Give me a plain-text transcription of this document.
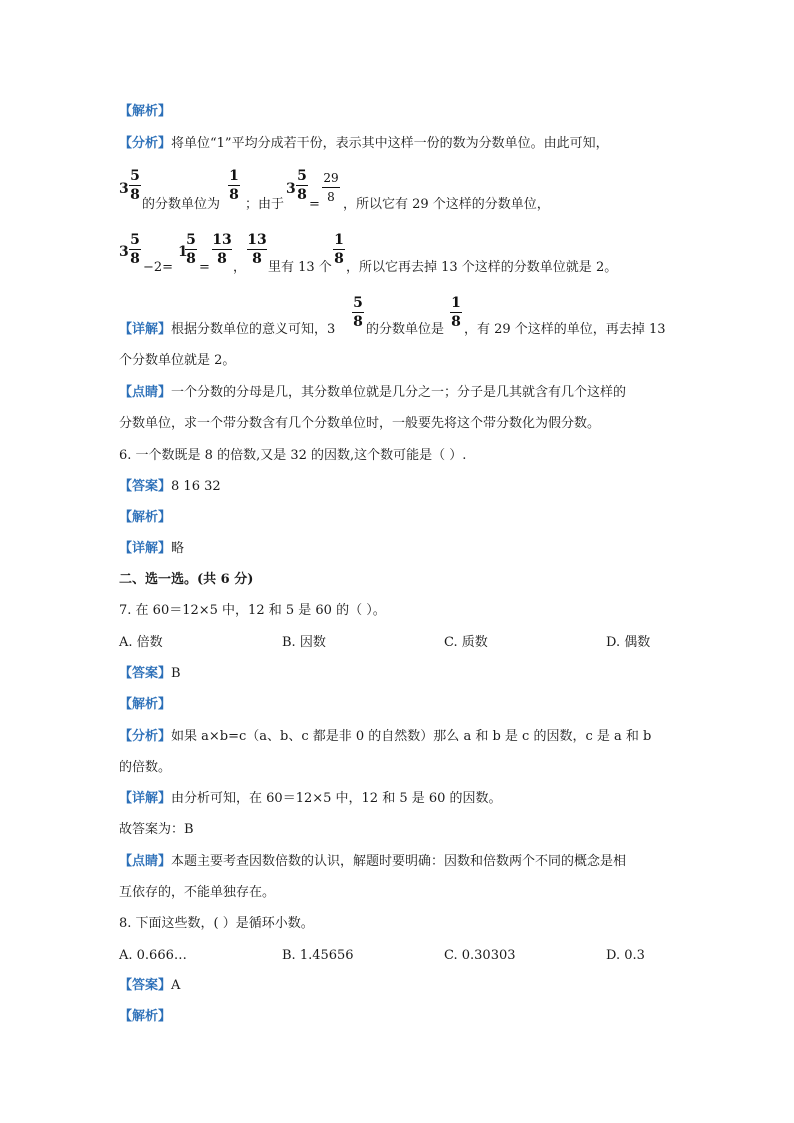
【解析】
【分析】将单位“1”平均分成若干份，表示其中这样一份的数为分数单位。由此可知，
3
5
8
的分数单位为
1
8
；由于
3
5
8
=
29
8 ，所以它有 29 个这样的分数单位，
3
5
8
−2=
1
5
8
=
13
8
，
13
8
里有 13 个
1
8
，所以它再去掉 13 个这样的分数单位就是 2。
【详解】根据分数单位的意义可知，3
5
8 的分数单位是
1
8 ，有 29 个这样的单位，再去掉 13
个分数单位就是 2。
【点睛】一个分数的分母是几，其分数单位就是几分之一；分子是几其就含有几个这样的
分数单位，求一个带分数含有几个分数单位时，一般要先将这个带分数化为假分数。
6. 一个数既是 8 的倍数,又是 32 的因数,这个数可能是（ ）.
【答案】8 16 32
【解析】
【详解】略
二、选一选。(共 6 分)
7. 在 60＝12×5 中，12 和 5 是 60 的（ ）。
A. 倍数	B. 因数	C. 质数	D. 偶数
【答案】B
【解析】
【分析】如果 a×b=c（a、b、c 都是非 0 的自然数）那么 a 和 b 是 c 的因数，c 是 a 和 b
的倍数。
【详解】由分析可知，在 60＝12×5 中，12 和 5 是 60 的因数。
故答案为：B
【点睛】本题主要考查因数倍数的认识，解题时要明确：因数和倍数两个不同的概念是相
互依存的，不能单独存在。
8. 下面这些数，( ）是循环小数。
A. 0.666…	B. 1.45656	C. 0.30303	D. 0.3
【答案】A
【解析】
